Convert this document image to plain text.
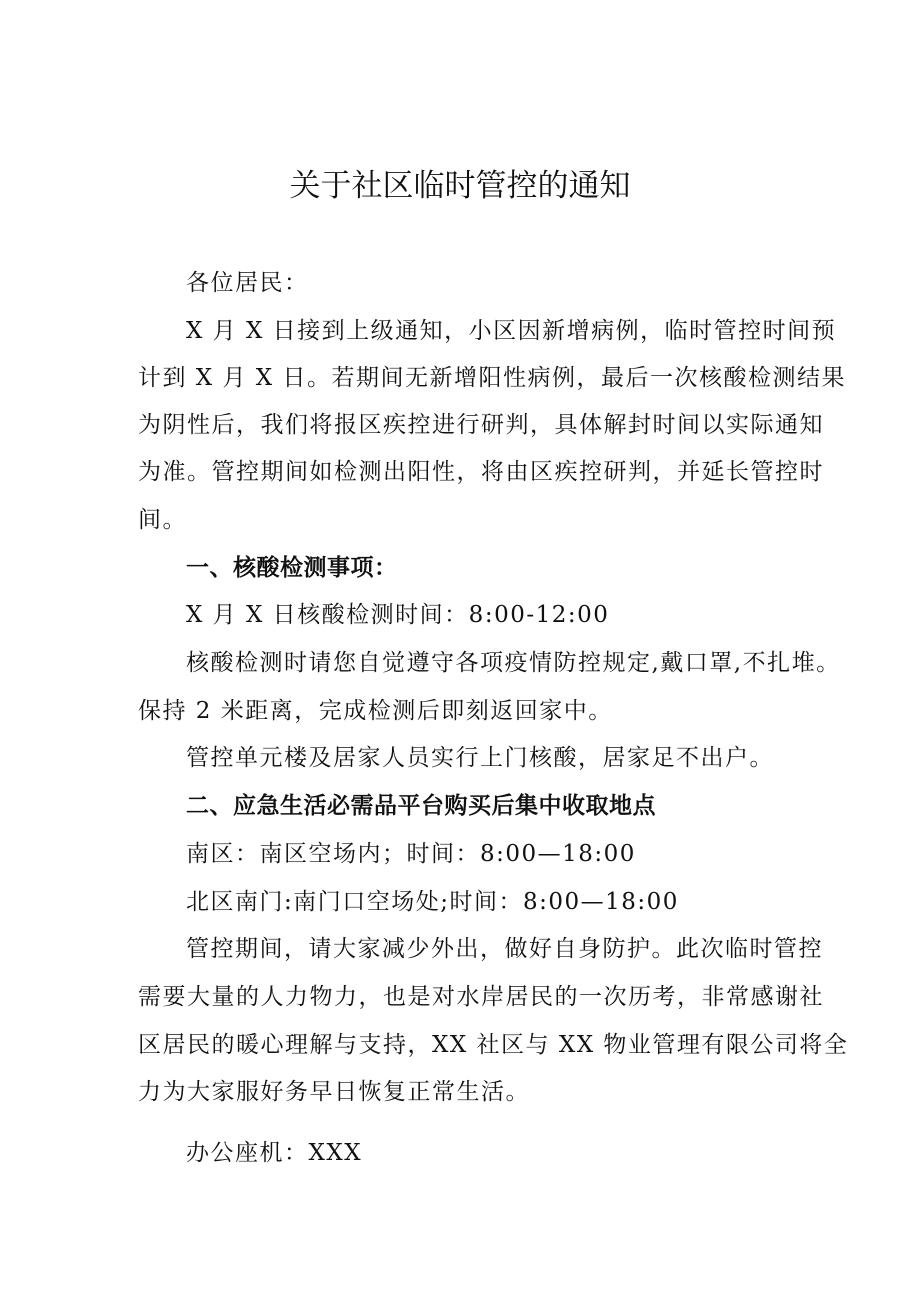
关于社区临时管控的通知

各位居民：

X 月 X 日接到上级通知，小区因新增病例，临时管控时间预

计到 X 月 X 日。若期间无新增阳性病例，最后一次核酸检测结果

为阴性后，我们将报区疾控进行研判，具体解封时间以实际通知

为准。管控期间如检测出阳性，将由区疾控研判，并延长管控时

间。

一、核酸检测事项：

X 月 X 日核酸检测时间：8:00-12:00

核酸检测时请您自觉遵守各项疫情防控规定,戴口罩,不扎堆。

保持 2 米距离，完成检测后即刻返回家中。

管控单元楼及居家人员实行上门核酸，居家足不出户。

二、应急生活必需品平台购买后集中收取地点

南区：南区空场内；时间：8:00—18:00

北区南门:南门口空场处;时间：8:00—18:00

管控期间，请大家减少外出，做好自身防护。此次临时管控

需要大量的人力物力，也是对水岸居民的一次历考，非常感谢社

区居民的暖心理解与支持，XX 社区与 XX 物业管理有限公司将全

力为大家服好务早日恢复正常生活。

办公座机：XXX
